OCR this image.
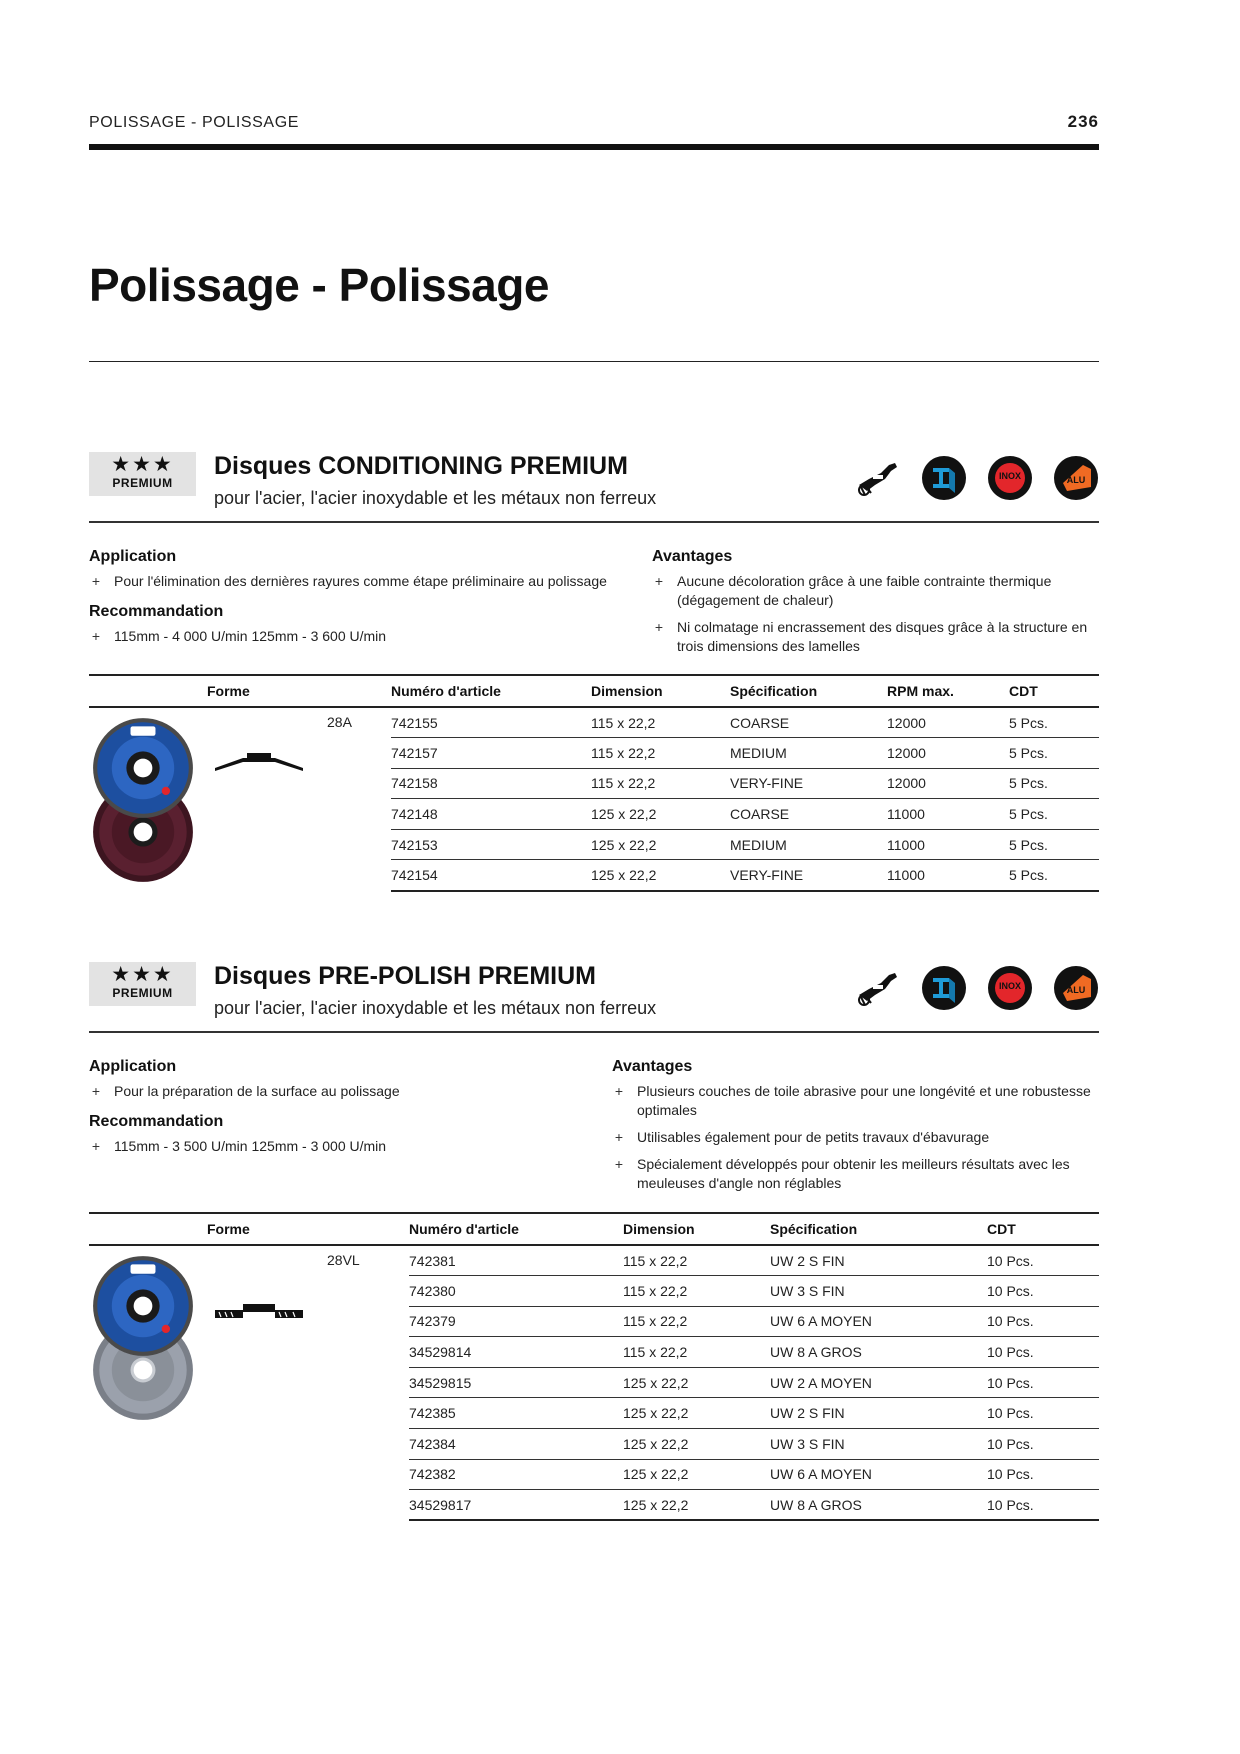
POLISSAGE - POLISSAGE	236
Polissage - Polissage
★★★
PREMIUM
Disques CONDITIONING PREMIUM
pour l'acier, l'acier inoxydable et les métaux non ferreux
INOX	ALU
Application
+ Pour l'élimination des dernières rayures comme étape préliminaire au polissage
Recommandation
+ 115mm - 4 000 U/min 125mm - 3 600 U/min
Avantages
+ Aucune décoloration grâce à une faible contrainte thermique (dégagement de chaleur)
+ Ni colmatage ni encrassement des disques grâce à la structure en trois dimensions des lamelles
Forme	Numéro d'article	Dimension	Spécification	RPM max.	CDT

28A	742155	115 x 22,2	COARSE	12000	5 Pcs.
	742157	115 x 22,2	MEDIUM	12000	5 Pcs.
	742158	115 x 22,2	VERY-FINE	12000	5 Pcs.
	742148	125 x 22,2	COARSE	11000	5 Pcs.
	742153	125 x 22,2	MEDIUM	11000	5 Pcs.
	742154	125 x 22,2	VERY-FINE	11000	5 Pcs.
★★★
PREMIUM
Disques PRE-POLISH PREMIUM
pour l'acier, l'acier inoxydable et les métaux non ferreux
INOX	ALU
Application
+ Pour la préparation de la surface au polissage
Recommandation
+ 115mm - 3 500 U/min 125mm - 3 000 U/min
Avantages
+ Plusieurs couches de toile abrasive pour une longévité et une robustesse optimales
+ Utilisables également pour de petits travaux d'ébavurage
+ Spécialement développés pour obtenir les meilleurs résultats avec les meuleuses d'angle non réglables
Forme	Numéro d'article	Dimension	Spécification	CDT

28VL	742381	115 x 22,2	UW 2 S FIN	10 Pcs.
	742380	115 x 22,2	UW 3 S FIN	10 Pcs.
	742379	115 x 22,2	UW 6 A MOYEN	10 Pcs.
	34529814	115 x 22,2	UW 8 A GROS	10 Pcs.
	34529815	125 x 22,2	UW 2 A MOYEN	10 Pcs.
	742385	125 x 22,2	UW 2 S FIN	10 Pcs.
	742384	125 x 22,2	UW 3 S FIN	10 Pcs.
	742382	125 x 22,2	UW 6 A MOYEN	10 Pcs.
	34529817	125 x 22,2	UW 8 A GROS	10 Pcs.
